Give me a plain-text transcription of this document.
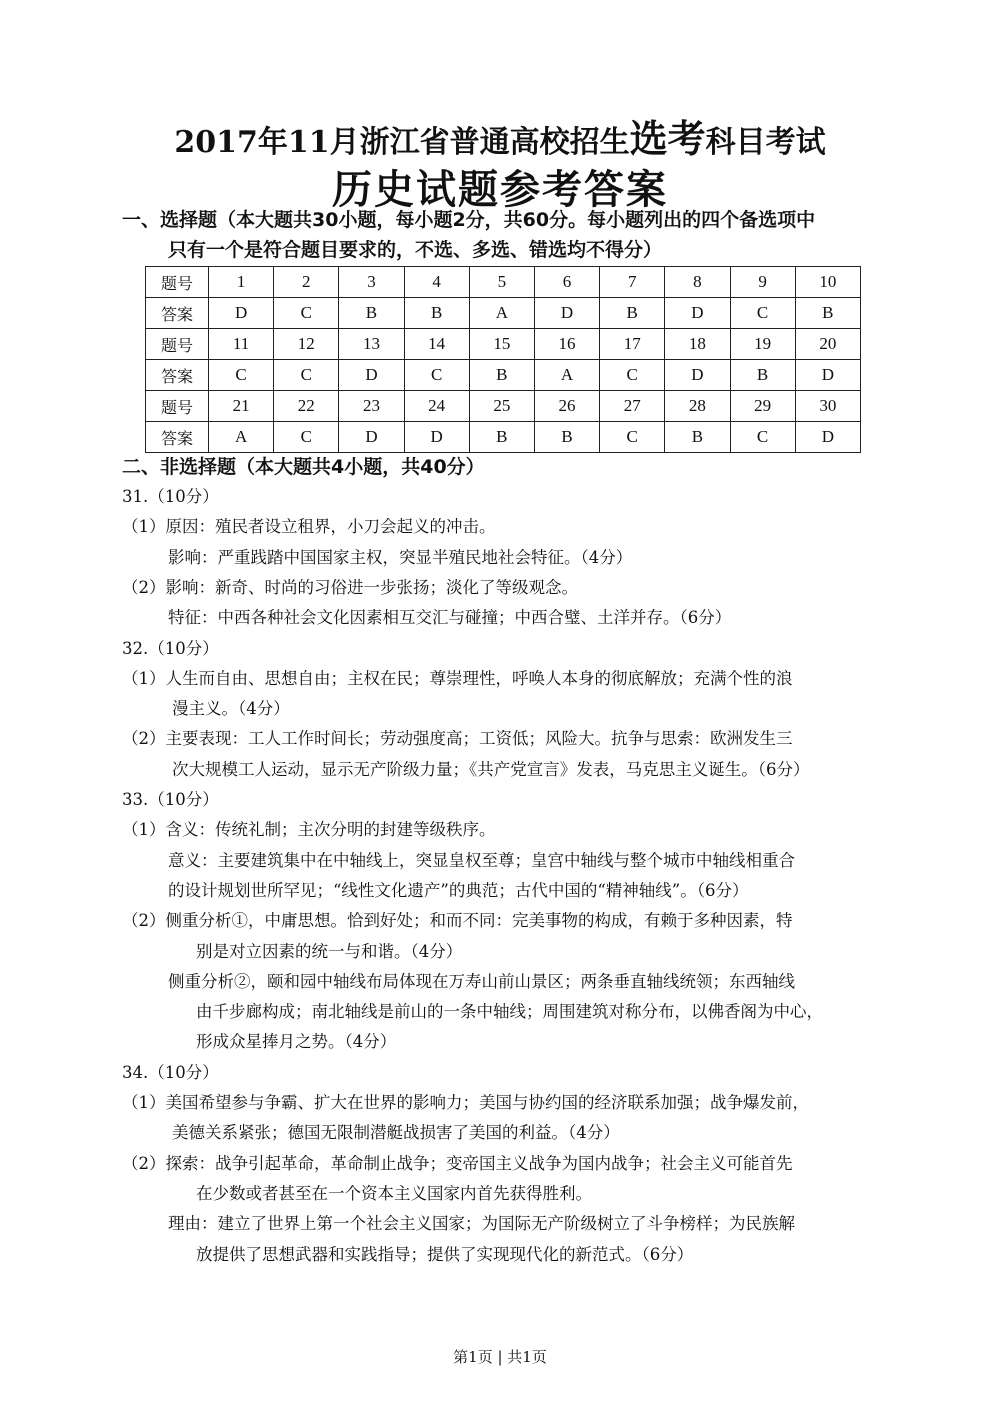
2017年11月浙江省普通高校招生选考科目考试
历史试题参考答案
一、选择题（本大题共30小题，每小题2分，共60分。每小题列出的四个备选项中
只有一个是符合题目要求的，不选、多选、错选均不得分）
题号	1	2	3	4	5	6	7	8	9	10
答案	D	C	B	B	A	D	B	D	C	B
题号	11	12	13	14	15	16	17	18	19	20
答案	C	C	D	C	B	A	C	D	B	D
题号	21	22	23	24	25	26	27	28	29	30
答案	A	C	D	D	B	B	C	B	C	D
二、非选择题（本大题共4小题，共40分）
31.（10分）
（1）原因：殖民者设立租界，小刀会起义的冲击。
影响：严重践踏中国国家主权，突显半殖民地社会特征。（4分）
（2）影响：新奇、时尚的习俗进一步张扬；淡化了等级观念。
特征：中西各种社会文化因素相互交汇与碰撞；中西合璧、土洋并存。（6分）
32.（10分）
（1）人生而自由、思想自由；主权在民；尊崇理性，呼唤人本身的彻底解放；充满个性的浪
漫主义。（4分）
（2）主要表现：工人工作时间长；劳动强度高；工资低；风险大。抗争与思索：欧洲发生三
次大规模工人运动，显示无产阶级力量；《共产党宣言》发表，马克思主义诞生。（6分）
33.（10分）
（1）含义：传统礼制；主次分明的封建等级秩序。
意义：主要建筑集中在中轴线上，突显皇权至尊；皇宫中轴线与整个城市中轴线相重合
的设计规划世所罕见；“线性文化遗产”的典范；古代中国的“精神轴线”。（6分）
（2）侧重分析①，中庸思想。恰到好处；和而不同：完美事物的构成，有赖于多种因素，特
别是对立因素的统一与和谐。（4分）
侧重分析②，颐和园中轴线布局体现在万寿山前山景区；两条垂直轴线统领；东西轴线
由千步廊构成；南北轴线是前山的一条中轴线；周围建筑对称分布，以佛香阁为中心，
形成众星捧月之势。（4分）
34.（10分）
（1）美国希望参与争霸、扩大在世界的影响力；美国与协约国的经济联系加强；战争爆发前，
美德关系紧张；德国无限制潜艇战损害了美国的利益。（4分）
（2）探索：战争引起革命，革命制止战争；变帝国主义战争为国内战争；社会主义可能首先
在少数或者甚至在一个资本主义国家内首先获得胜利。
理由：建立了世界上第一个社会主义国家；为国际无产阶级树立了斗争榜样；为民族解
放提供了思想武器和实践指导；提供了实现现代化的新范式。（6分）
第1页 | 共1页
